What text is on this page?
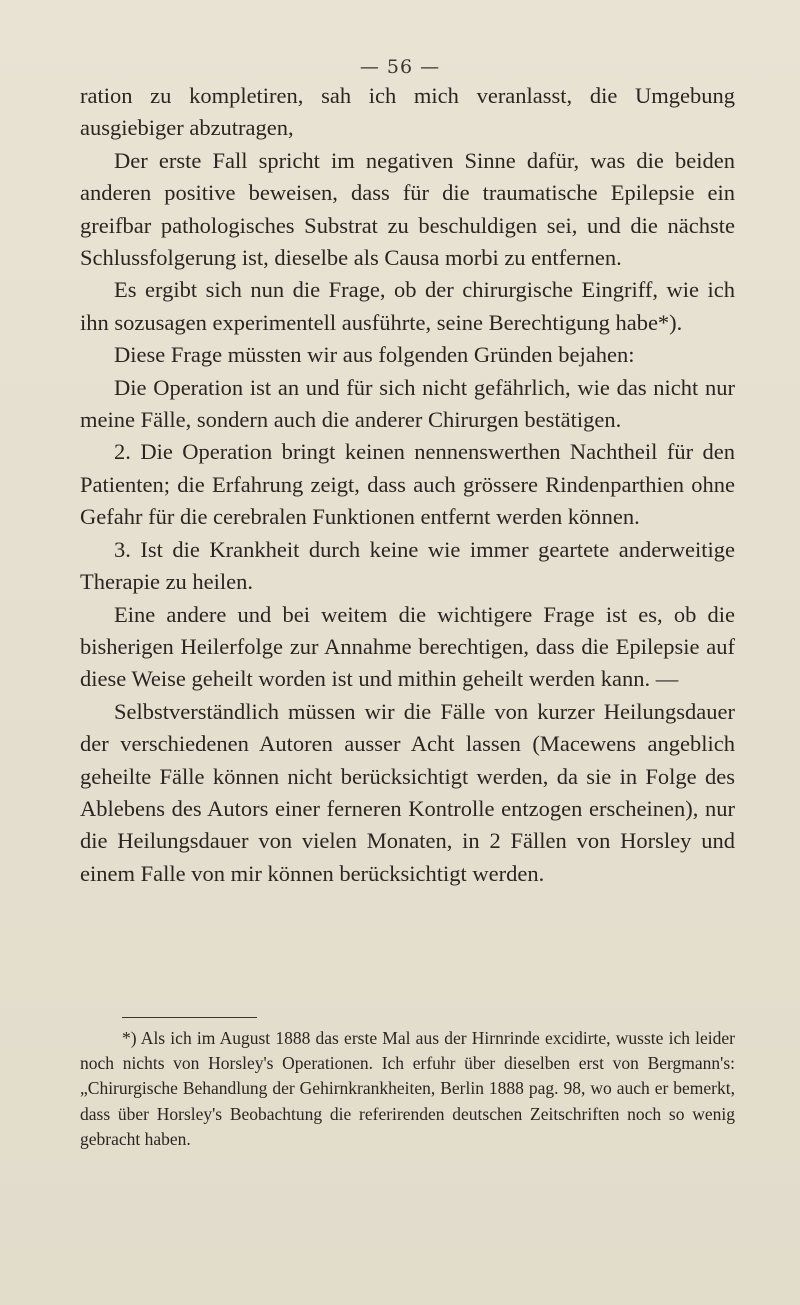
— 56 —

ration zu kompletiren, sah ich mich veranlasst, die Umgebung ausgiebiger abzutragen,

Der erste Fall spricht im negativen Sinne dafür, was die beiden anderen positive beweisen, dass für die traumatische Epilepsie ein greifbar pathologisches Substrat zu beschuldigen sei, und die nächste Schlussfolgerung ist, dieselbe als Causa morbi zu entfernen.

Es ergibt sich nun die Frage, ob der chirurgische Eingriff, wie ich ihn sozusagen experimentell ausführte, seine Berechtigung habe*).

Diese Frage müssten wir aus folgenden Gründen bejahen:

Die Operation ist an und für sich nicht gefährlich, wie das nicht nur meine Fälle, sondern auch die anderer Chirurgen bestätigen.

2. Die Operation bringt keinen nennenswerthen Nachtheil für den Patienten; die Erfahrung zeigt, dass auch grössere Rindenparthien ohne Gefahr für die cerebralen Funktionen entfernt werden können.

3. Ist die Krankheit durch keine wie immer geartete anderweitige Therapie zu heilen.

Eine andere und bei weitem die wichtigere Frage ist es, ob die bisherigen Heilerfolge zur Annahme berechtigen, dass die Epilepsie auf diese Weise geheilt worden ist und mithin geheilt werden kann. —

Selbstverständlich müssen wir die Fälle von kurzer Heilungsdauer der verschiedenen Autoren ausser Acht lassen (Macewens angeblich geheilte Fälle können nicht berücksichtigt werden, da sie in Folge des Ablebens des Autors einer ferneren Kontrolle entzogen erscheinen), nur die Heilungsdauer von vielen Monaten, in 2 Fällen von Horsley und einem Falle von mir können berücksichtigt werden.

*) Als ich im August 1888 das erste Mal aus der Hirnrinde excidirte, wusste ich leider noch nichts von Horsley's Operationen. Ich erfuhr über dieselben erst von Bergmann's: „Chirurgische Behandlung der Gehirnkrankheiten, Berlin 1888 pag. 98, wo auch er bemerkt, dass über Horsley's Beobachtung die referirenden deutschen Zeitschriften noch so wenig gebracht haben.
